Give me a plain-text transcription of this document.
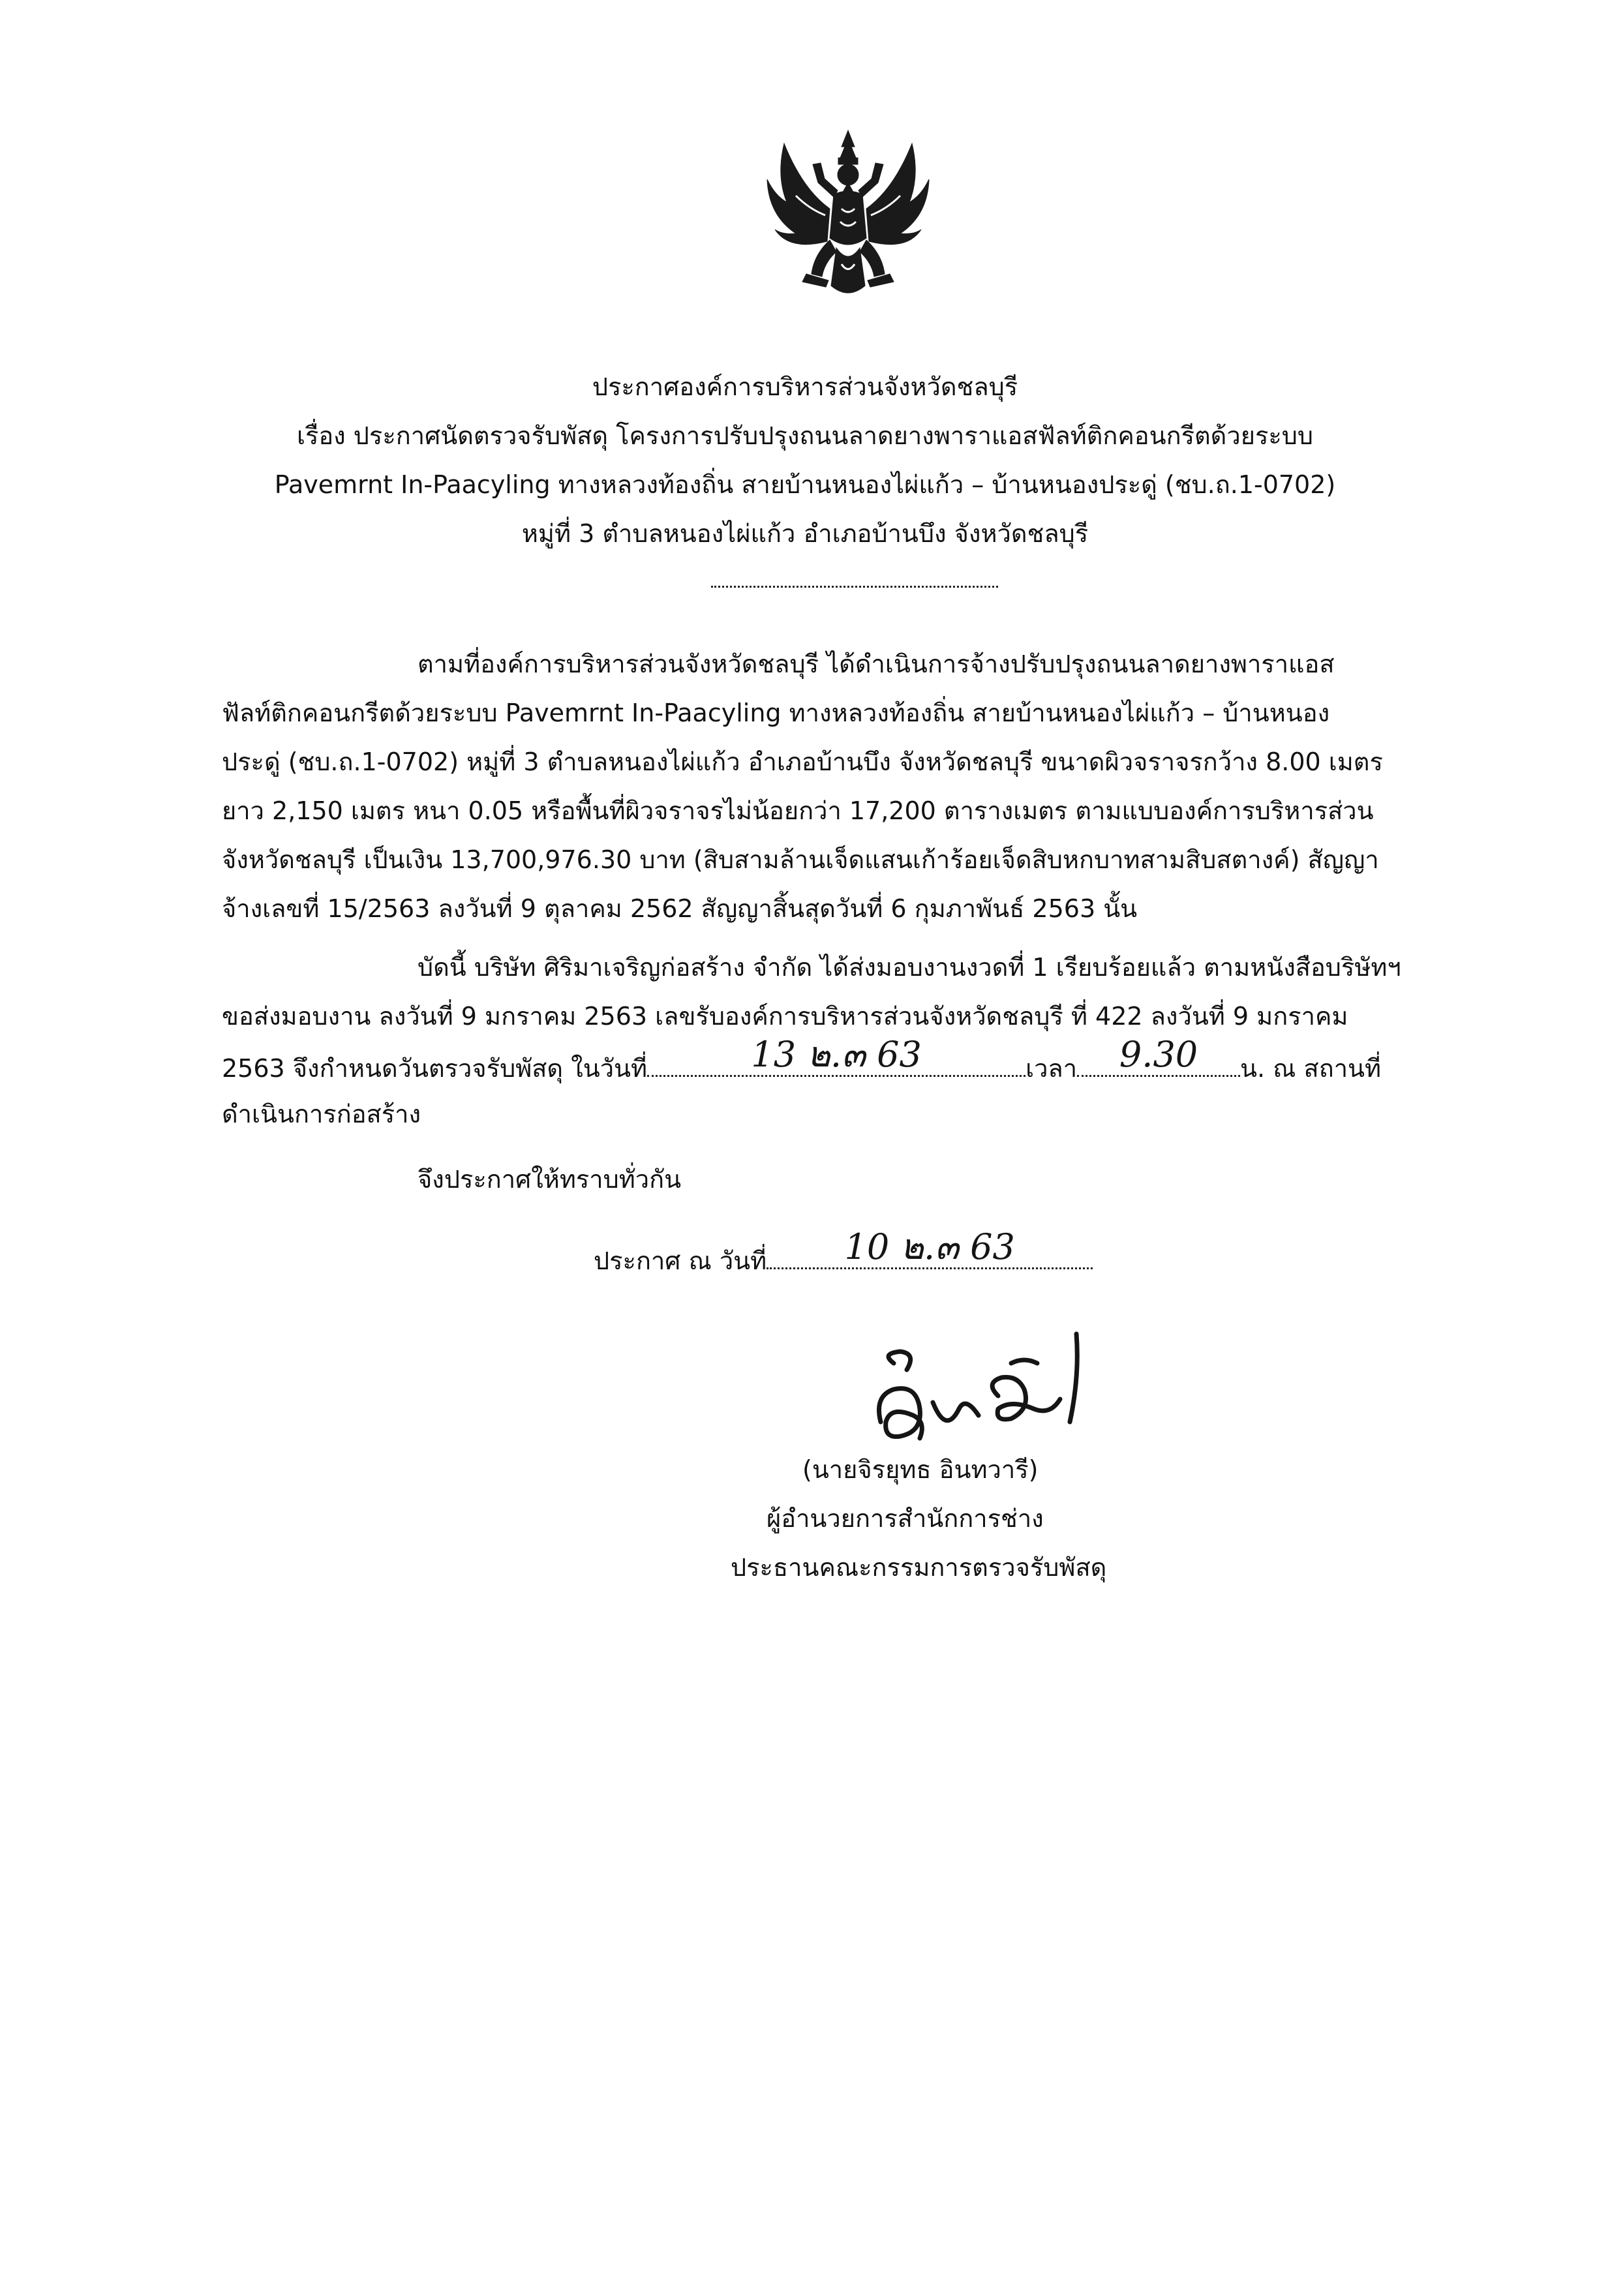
ประกาศองค์การบริหารส่วนจังหวัดชลบุรี
เรื่อง ประกาศนัดตรวจรับพัสดุ โครงการปรับปรุงถนนลาดยางพาราแอสฟัลท์ติกคอนกรีตด้วยระบบ
Pavemrnt In-Paacyling ทางหลวงท้องถิ่น สายบ้านหนองไผ่แก้ว – บ้านหนองประดู่ (ชบ.ถ.1-0702)
หมู่ที่ 3 ตำบลหนองไผ่แก้ว อำเภอบ้านบึง จังหวัดชลบุรี
ตามที่องค์การบริหารส่วนจังหวัดชลบุรี ได้ดำเนินการจ้างปรับปรุงถนนลาดยางพาราแอส
ฟัลท์ติกคอนกรีตด้วยระบบ Pavemrnt In-Paacyling ทางหลวงท้องถิ่น สายบ้านหนองไผ่แก้ว – บ้านหนอง
ประดู่ (ชบ.ถ.1-0702) หมู่ที่ 3 ตำบลหนองไผ่แก้ว อำเภอบ้านบึง จังหวัดชลบุรี ขนาดผิวจราจรกว้าง 8.00 เมตร
ยาว 2,150 เมตร หนา 0.05 หรือพื้นที่ผิวจราจรไม่น้อยกว่า 17,200 ตารางเมตร ตามแบบองค์การบริหารส่วน
จังหวัดชลบุรี เป็นเงิน 13,700,976.30 บาท (สิบสามล้านเจ็ดแสนเก้าร้อยเจ็ดสิบหกบาทสามสิบสตางค์) สัญญา
จ้างเลขที่ 15/2563 ลงวันที่ 9 ตุลาคม 2562 สัญญาสิ้นสุดวันที่ 6 กุมภาพันธ์ 2563 นั้น
บัดนี้ บริษัท ศิริมาเจริญก่อสร้าง จำกัด ได้ส่งมอบงานงวดที่ 1 เรียบร้อยแล้ว ตามหนังสือบริษัทฯ
ขอส่งมอบงาน ลงวันที่ 9 มกราคม 2563 เลขรับองค์การบริหารส่วนจังหวัดชลบุรี ที่ 422 ลงวันที่ 9 มกราคม
2563 จึงกำหนดวันตรวจรับพัสดุ ในวันที่	13 ๒.๓ 63	เวลา	9.30	น. ณ สถานที่
ดำเนินการก่อสร้าง
จึงประกาศให้ทราบทั่วกัน
ประกาศ ณ วันที่	10 ๒.๓ 63
(นายจิรยุทธ อินทวารี)
ผู้อำนวยการสำนักการช่าง
ประธานคณะกรรมการตรวจรับพัสดุ
